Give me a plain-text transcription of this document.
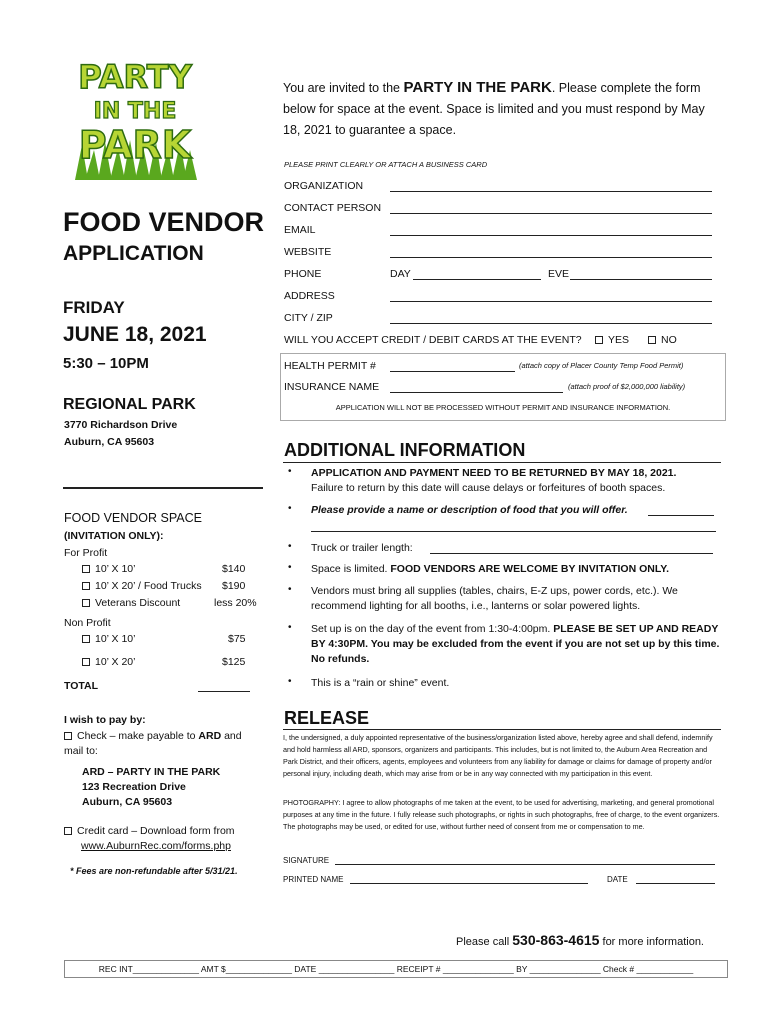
PARTY
IN THE
PARK
You are invited to the PARTY IN THE PARK. Please complete the form below for space at the event. Space is limited and you must respond by May 18, 2021 to guarantee a space.
PLEASE PRINT CLEARLY OR ATTACH A BUSINESS CARD
ORGANIZATION
CONTACT PERSON
EMAIL
WEBSITE
PHONE	DAY	EVE
ADDRESS
CITY / ZIP
WILL YOU ACCEPT CREDIT / DEBIT CARDS AT THE EVENT?	YES	NO
HEALTH PERMIT #	(attach copy of Placer County Temp Food Permit)
INSURANCE NAME	(attach proof of $2,000,000 liability)
APPLICATION WILL NOT BE PROCESSED WITHOUT PERMIT AND INSURANCE INFORMATION.
FOOD VENDOR
APPLICATION
FRIDAY
JUNE 18, 2021
5:30 – 10PM
REGIONAL PARK
3770 Richardson Drive
Auburn, CA 95603
FOOD VENDOR SPACE
(INVITATION ONLY):
For Profit
10’ X 10’	$140
10’ X 20’ / Food Trucks $190
Veterans Discount	less 20%
Non Profit
10’ X 10’	$75
10’ X 20’	$125
TOTAL
I wish to pay by:
Check – make payable to ARD and mail to:
ARD – PARTY IN THE PARK
123 Recreation Drive
Auburn, CA 95603
Credit card – Download form from
www.AuburnRec.com/forms.php
* Fees are non-refundable after 5/31/21.
ADDITIONAL INFORMATION
• APPLICATION AND PAYMENT NEED TO BE RETURNED BY MAY 18, 2021.
Failure to return by this date will cause delays or forfeitures of booth spaces.
• Please provide a name or description of food that you will offer.
• Truck or trailer length:
• Space is limited. FOOD VENDORS ARE WELCOME BY INVITATION ONLY.
• Vendors must bring all supplies (tables, chairs, E-Z ups, power cords, etc.). We recommend lighting for all booths, i.e., lanterns or solar powered lights.
• Set up is on the day of the event from 1:30-4:00pm. PLEASE BE SET UP AND READY BY 4:30PM. You may be excluded from the event if you are not set up by this time. No refunds.
• This is a “rain or shine” event.
RELEASE
I, the undersigned, a duly appointed representative of the business/organization listed above, hereby agree and shall defend, indemnify and hold harmless all ARD, sponsors, organizers and participants. This includes, but is not limited to, the Auburn Area Recreation and Park District, and their officers, agents, employees and volunteers from any liability for damage or claims for damage of property and/or personal injury, including death, which may arise from or be in any way connected with my participation in this event.
PHOTOGRAPHY: I agree to allow photographs of me taken at the event, to be used for advertising, marketing, and general promotional purposes at any time in the future. I fully release such photographs, or rights in such photographs, free of charge, to the event organizers. The photographs may be used, or edited for use, without further need of consent from me or compensation to me.
SIGNATURE
PRINTED NAME	DATE
Please call 530-863-4615 for more information.
REC INT______________ AMT $______________ DATE ________________ RECEIPT # _______________ BY _______________ Check # ____________
